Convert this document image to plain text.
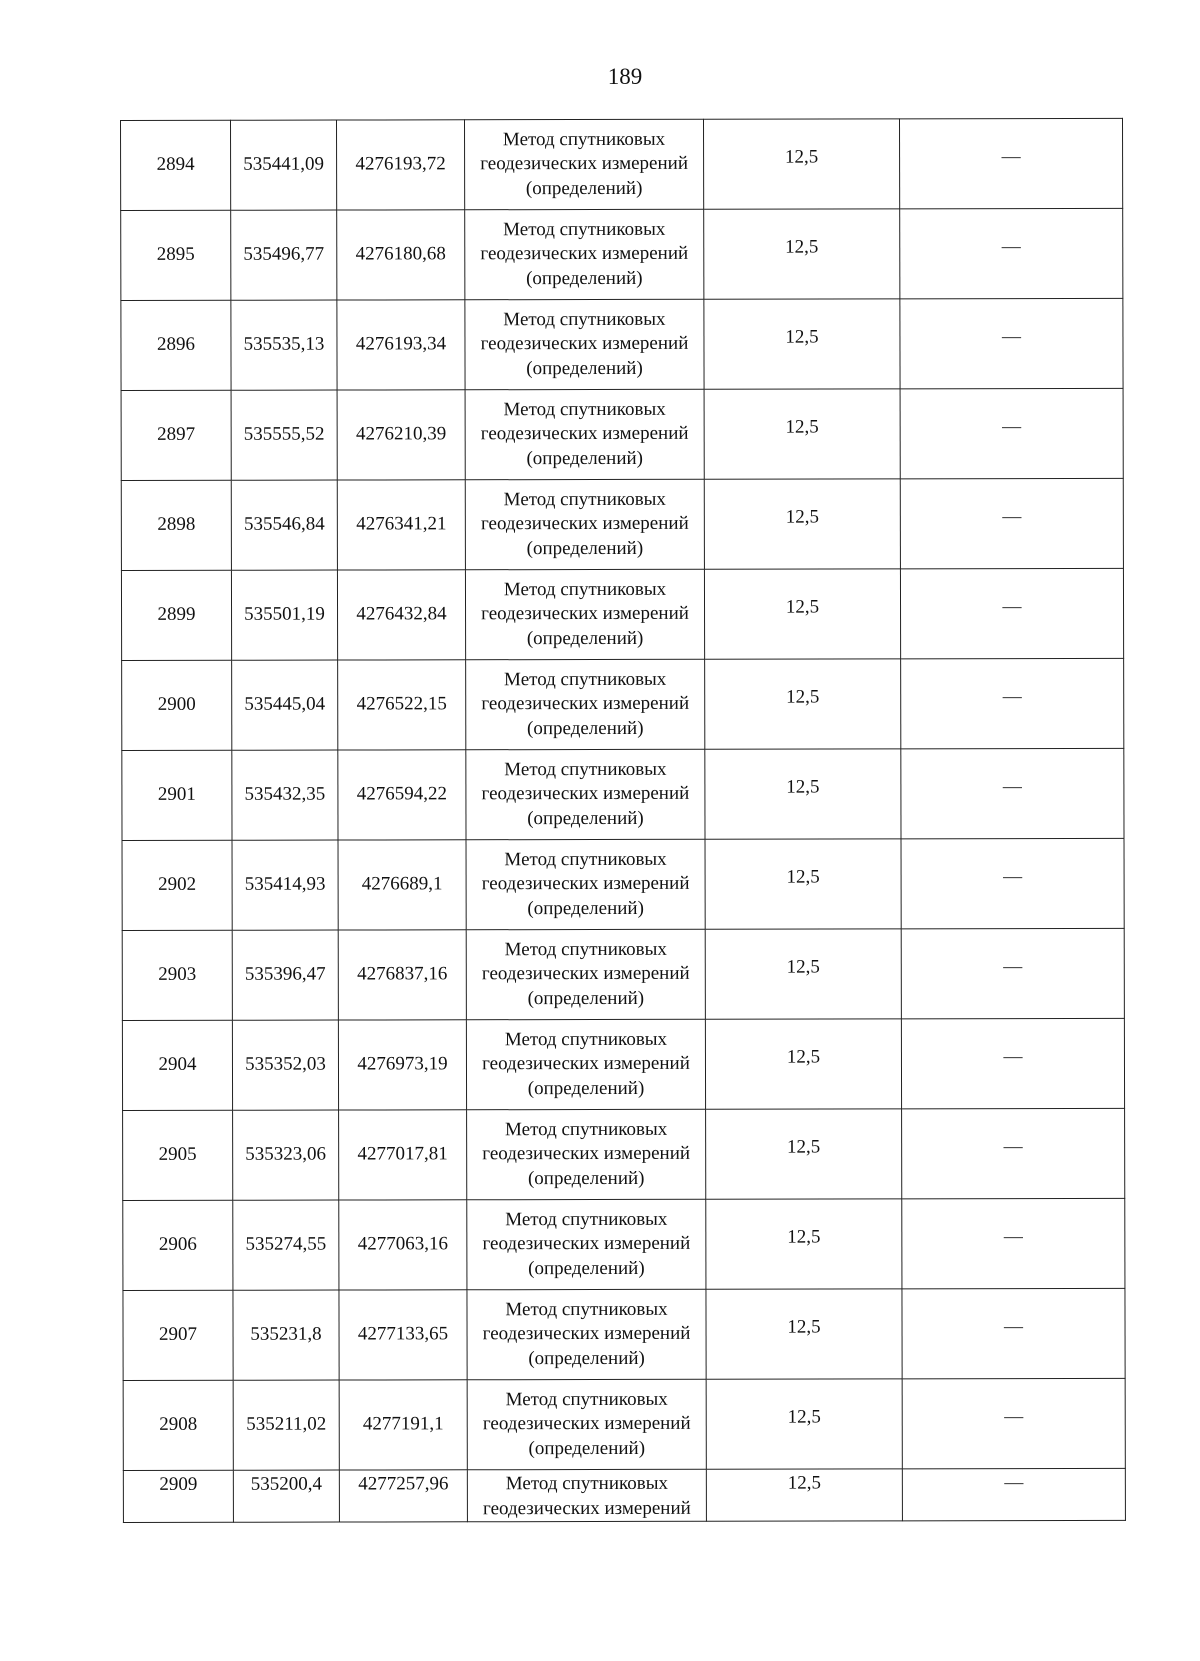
189
2894	535441,09	4276193,72	Метод спутниковых
геодезических измерений
(определений)	12,5	—
2895	535496,77	4276180,68	Метод спутниковых
геодезических измерений
(определений)	12,5	—
2896	535535,13	4276193,34	Метод спутниковых
геодезических измерений
(определений)	12,5	—
2897	535555,52	4276210,39	Метод спутниковых
геодезических измерений
(определений)	12,5	—
2898	535546,84	4276341,21	Метод спутниковых
геодезических измерений
(определений)	12,5	—
2899	535501,19	4276432,84	Метод спутниковых
геодезических измерений
(определений)	12,5	—
2900	535445,04	4276522,15	Метод спутниковых
геодезических измерений
(определений)	12,5	—
2901	535432,35	4276594,22	Метод спутниковых
геодезических измерений
(определений)	12,5	—
2902	535414,93	4276689,1	Метод спутниковых
геодезических измерений
(определений)	12,5	—
2903	535396,47	4276837,16	Метод спутниковых
геодезических измерений
(определений)	12,5	—
2904	535352,03	4276973,19	Метод спутниковых
геодезических измерений
(определений)	12,5	—
2905	535323,06	4277017,81	Метод спутниковых
геодезических измерений
(определений)	12,5	—
2906	535274,55	4277063,16	Метод спутниковых
геодезических измерений
(определений)	12,5	—
2907	535231,8	4277133,65	Метод спутниковых
геодезических измерений
(определений)	12,5	—
2908	535211,02	4277191,1	Метод спутниковых
геодезических измерений
(определений)	12,5	—
2909	535200,4	4277257,96	Метод спутниковых
геодезических измерений	12,5	—
